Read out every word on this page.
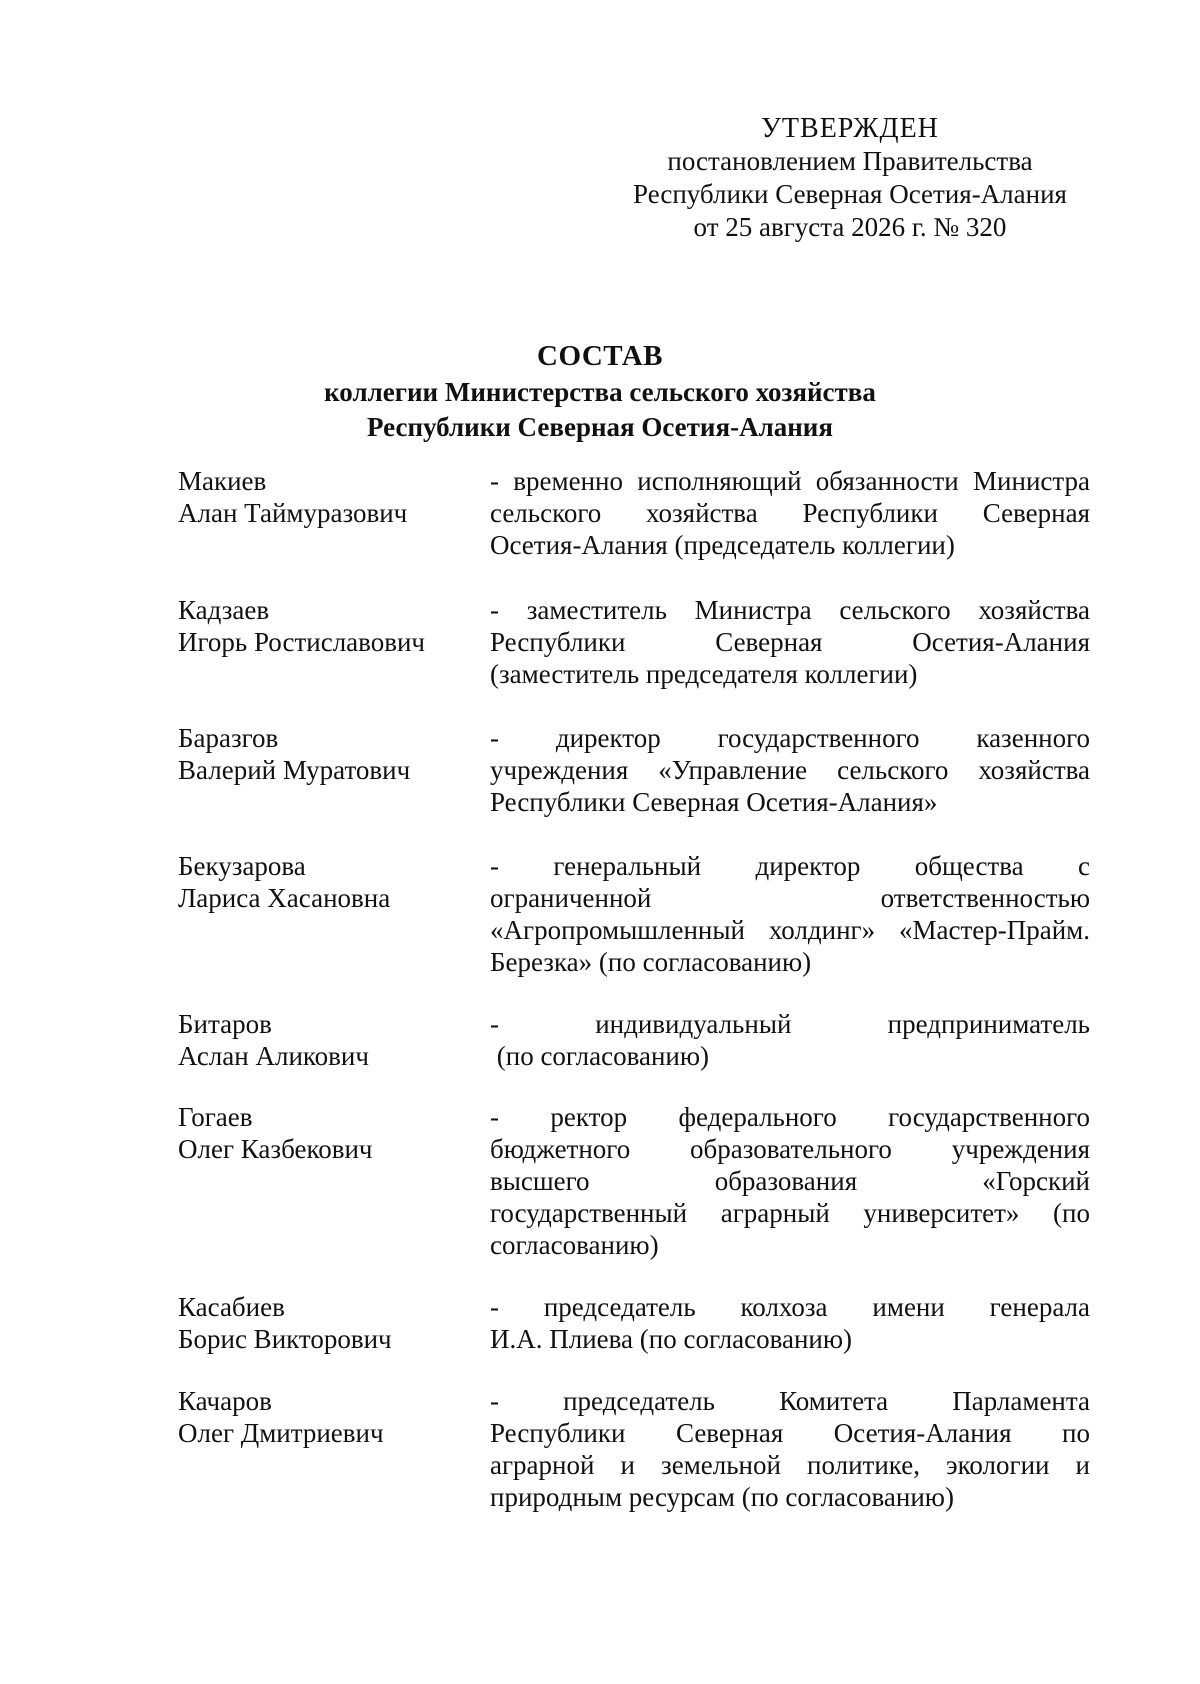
УТВЕРЖДЕН
постановлением Правительства
Республики Северная Осетия-Алания
от 25 августа 2026 г. № 320
СОСТАВ
коллегии Министерства сельского хозяйства
Республики Северная Осетия-Алания
Макиев
Алан Таймуразович
- временно исполняющий обязанности Министра
сельского хозяйства Республики Северная
Осетия-Алания (председатель коллегии)
Кадзаев
Игорь Ростиславович
- заместитель Министра сельского хозяйства
Республики Северная Осетия-Алания
(заместитель председателя коллегии)
Баразгов
Валерий Муратович
- директор государственного казенного
учреждения «Управление сельского хозяйства
Республики Северная Осетия-Алания»
Бекузарова
Лариса Хасановна
- генеральный директор общества с
ограниченной ответственностью
«Агропромышленный холдинг» «Мастер-Прайм.
Березка» (по согласованию)
Битаров
Аслан Аликович
- индивидуальный предприниматель
(по согласованию)
Гогаев
Олег Казбекович
- ректор федерального государственного
бюджетного образовательного учреждения
высшего образования «Горский
государственный аграрный университет» (по
согласованию)
Касабиев
Борис Викторович
- председатель колхоза имени генерала
И.А. Плиева (по согласованию)
Качаров
Олег Дмитриевич
- председатель Комитета Парламента
Республики Северная Осетия-Алания по
аграрной и земельной политике, экологии и
природным ресурсам (по согласованию)
